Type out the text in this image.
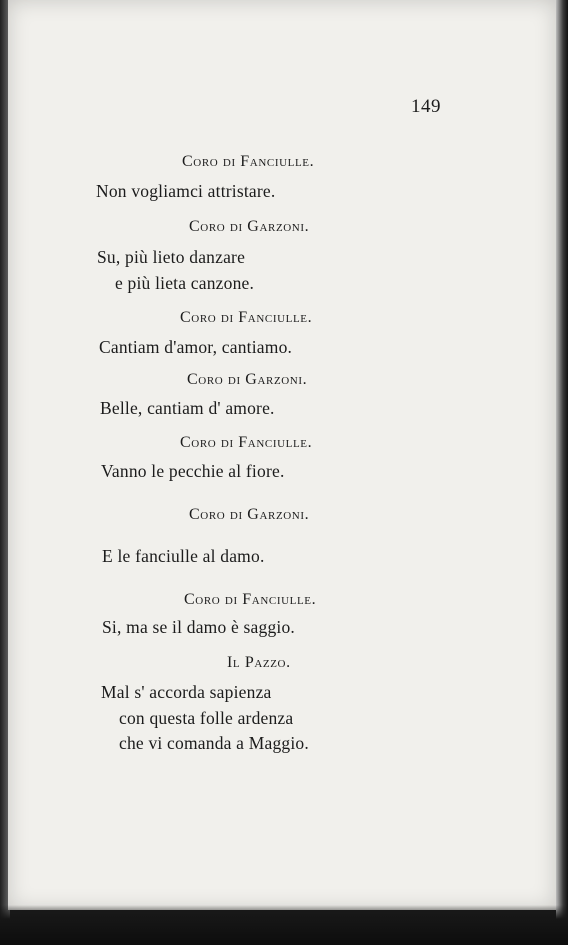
149
Coro di Fanciulle.
Non vogliamci attristare.
Coro di Garzoni.
Su, più lieto danzare
e più lieta canzone.
Coro di Fanciulle.
Cantiam d'amor, cantiamo.
Coro di Garzoni.
Belle, cantiam d' amore.
Coro di Fanciulle.
Vanno le pecchie al fiore.
Coro di Garzoni.
E le fanciulle al damo.
Coro di Fanciulle.
Si, ma se il damo è saggio.
Il Pazzo.
Mal s' accorda sapienza
con questa folle ardenza
che vi comanda a Maggio.
